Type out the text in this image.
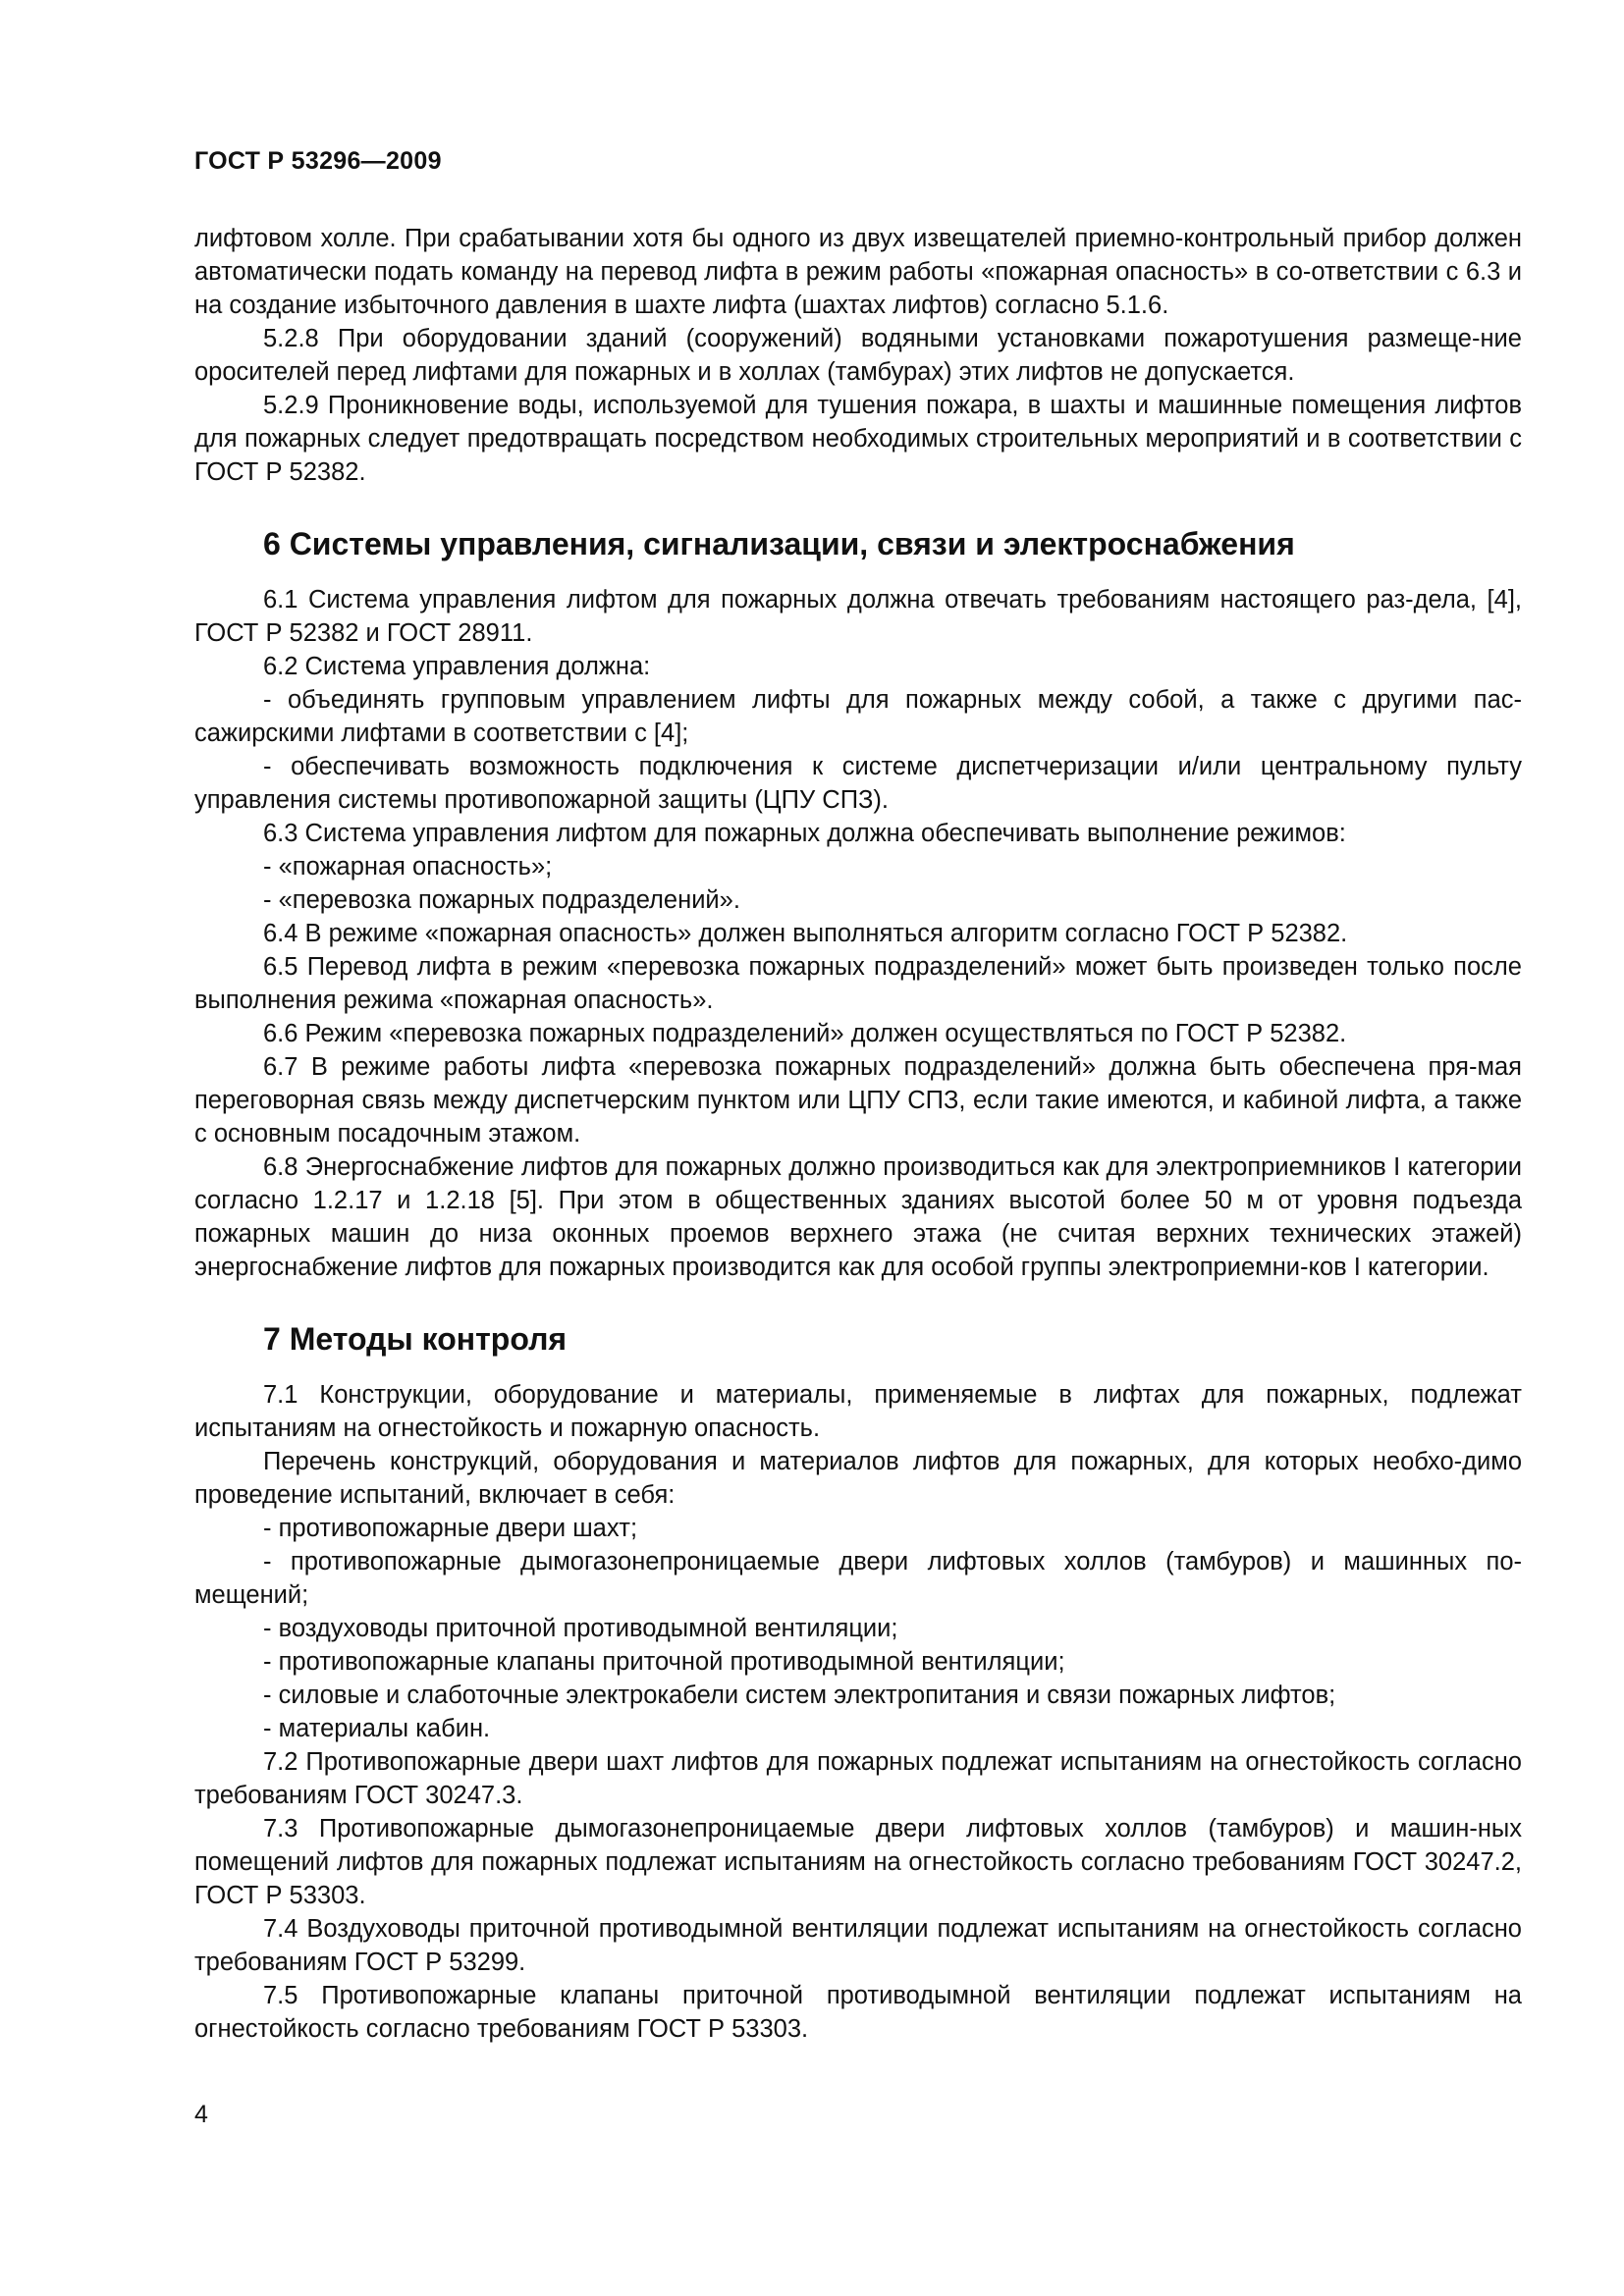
ГОСТ Р 53296—2009

лифтовом холле. При срабатывании хотя бы одного из двух извещателей приемно-контрольный прибор должен автоматически подать команду на перевод лифта в режим работы «пожарная опасность» в со-ответствии с 6.3 и на создание избыточного давления в шахте лифта (шахтах лифтов) согласно 5.1.6.

5.2.8 При оборудовании зданий (сооружений) водяными установками пожаротушения размеще-ние оросителей перед лифтами для пожарных и в холлах (тамбурах) этих лифтов не допускается.

5.2.9 Проникновение воды, используемой для тушения пожара, в шахты и машинные помещения лифтов для пожарных следует предотвращать посредством необходимых строительных мероприятий и в соответствии с ГОСТ Р 52382.

6 Системы управления, сигнализации, связи и электроснабжения

6.1 Система управления лифтом для пожарных должна отвечать требованиям настоящего раз-дела, [4], ГОСТ Р 52382 и ГОСТ 28911.

6.2 Система управления должна:

- объединять групповым управлением лифты для пожарных между собой, а также с другими пас-сажирскими лифтами в соответствии с [4];

- обеспечивать возможность подключения к системе диспетчеризации и/или центральному пульту управления системы противопожарной защиты (ЦПУ СПЗ).

6.3 Система управления лифтом для пожарных должна обеспечивать выполнение режимов:

- «пожарная опасность»;

- «перевозка пожарных подразделений».

6.4 В режиме «пожарная опасность» должен выполняться алгоритм согласно ГОСТ Р 52382.

6.5 Перевод лифта в режим «перевозка пожарных подразделений» может быть произведен только после выполнения режима «пожарная опасность».

6.6 Режим «перевозка пожарных подразделений» должен осуществляться по ГОСТ Р 52382.

6.7 В режиме работы лифта «перевозка пожарных подразделений» должна быть обеспечена пря-мая переговорная связь между диспетчерским пунктом или ЦПУ СПЗ, если такие имеются, и кабиной лифта, а также с основным посадочным этажом.

6.8 Энергоснабжение лифтов для пожарных должно производиться как для электроприемников I категории согласно 1.2.17 и 1.2.18 [5]. При этом в общественных зданиях высотой более 50 м от уровня подъезда пожарных машин до низа оконных проемов верхнего этажа (не считая верхних технических этажей) энергоснабжение лифтов для пожарных производится как для особой группы электроприемни-ков I категории.

7 Методы контроля

7.1 Конструкции, оборудование и материалы, применяемые в лифтах для пожарных, подлежат испытаниям на огнестойкость и пожарную опасность.

Перечень конструкций, оборудования и материалов лифтов для пожарных, для которых необхо-димо проведение испытаний, включает в себя:

- противопожарные двери шахт;

- противопожарные дымогазонепроницаемые двери лифтовых холлов (тамбуров) и машинных по-мещений;

- воздуховоды приточной противодымной вентиляции;

- противопожарные клапаны приточной противодымной вентиляции;

- силовые и слаботочные электрокабели систем электропитания и связи пожарных лифтов;

- материалы кабин.

7.2 Противопожарные двери шахт лифтов для пожарных подлежат испытаниям на огнестойкость согласно требованиям ГОСТ 30247.3.

7.3 Противопожарные дымогазонепроницаемые двери лифтовых холлов (тамбуров) и машин-ных помещений лифтов для пожарных подлежат испытаниям на огнестойкость согласно требованиям ГОСТ 30247.2, ГОСТ Р 53303.

7.4 Воздуховоды приточной противодымной вентиляции подлежат испытаниям на огнестойкость согласно требованиям ГОСТ Р 53299.

7.5 Противопожарные клапаны приточной противодымной вентиляции подлежат испытаниям на огнестойкость согласно требованиям ГОСТ Р 53303.

4
